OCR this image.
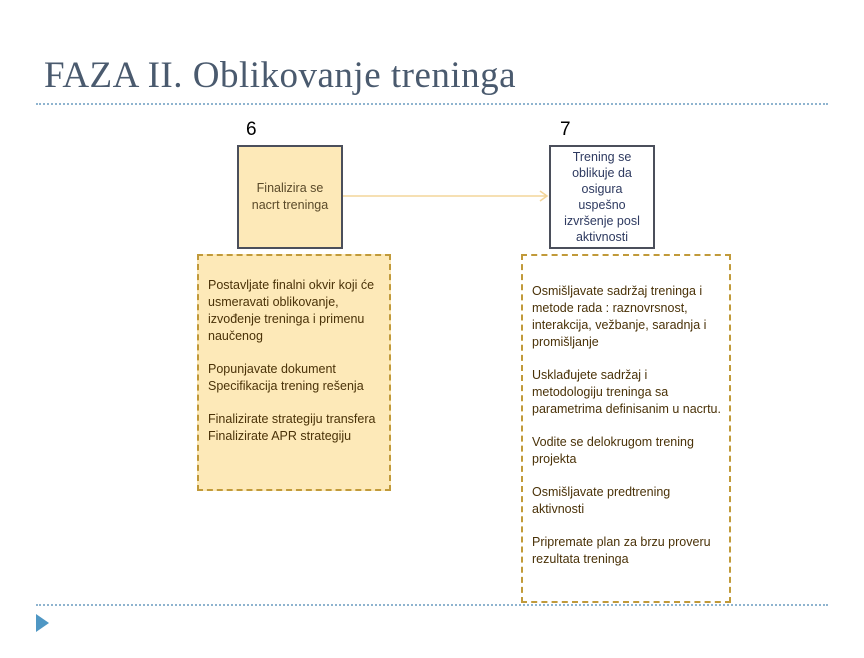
FAZA II. Oblikovanje treninga
6	7
Finalizira se nacrt treninga
Trening se oblikuje da osigura uspešno izvršenje posl aktivnosti

Postavljate finalni okvir koji će usmeravati oblikovanje, izvođenje treninga i primenu naučenog

Popunjavate dokument Specifikacija trening rešenja

Finalizirate strategiju transfera Finalizirate APR strategiju

Osmišljavate sadržaj treninga i metode rada : raznovrsnost, interakcija, vežbanje, saradnja i promišljanje

Usklađujete sadržaj i metodologiju treninga sa parametrima definisanim u nacrtu.

Vodite se delokrugom trening projekta

Osmišljavate predtrening aktivnosti

Pripremate plan za brzu proveru rezultata treninga
